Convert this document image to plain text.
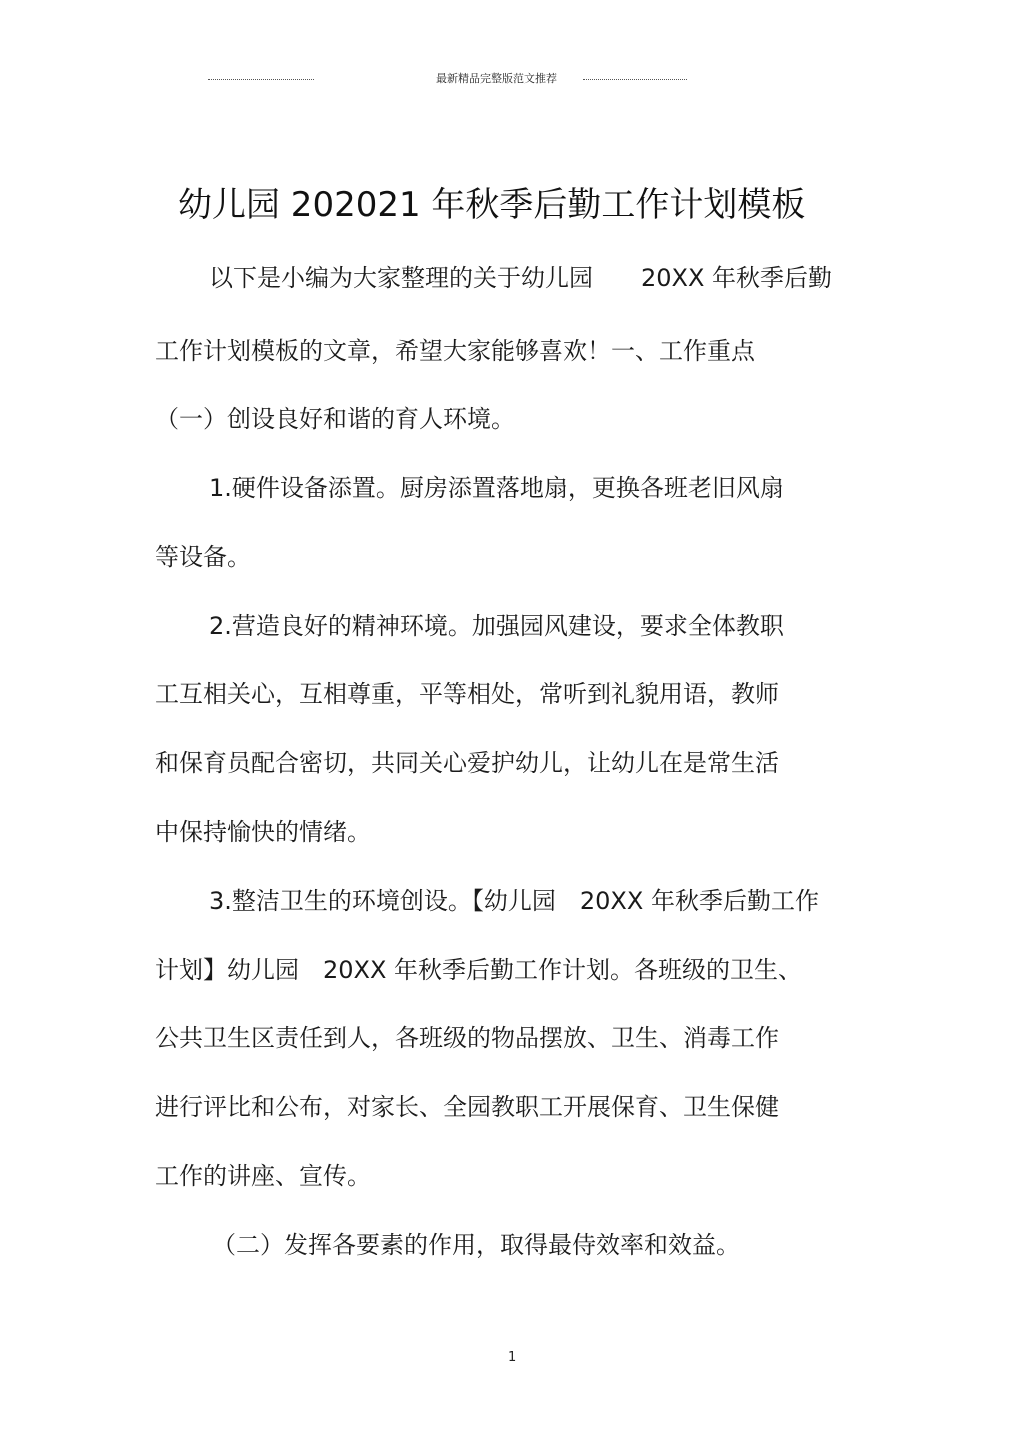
最新精品完整版范文推荐
幼儿园 202021 年秋季后勤工作计划模板
以下是小编为大家整理的关于幼儿园　　20XX 年秋季后勤
工作计划模板的文章，希望大家能够喜欢！一、工作重点
（一）创设良好和谐的育人环境。
1.硬件设备添置。厨房添置落地扇，更换各班老旧风扇
等设备。
2.营造良好的精神环境。加强园风建设，要求全体教职
工互相关心，互相尊重，平等相处，常听到礼貌用语，教师
和保育员配合密切，共同关心爱护幼儿，让幼儿在是常生活
中保持愉快的情绪。
3.整洁卫生的环境创设。【幼儿园　20XX 年秋季后勤工作
计划】幼儿园　20XX 年秋季后勤工作计划。各班级的卫生、
公共卫生区责任到人，各班级的物品摆放、卫生、消毒工作
进行评比和公布，对家长、全园教职工开展保育、卫生保健
工作的讲座、宣传。
（二）发挥各要素的作用，取得最侍效率和效益。
1
